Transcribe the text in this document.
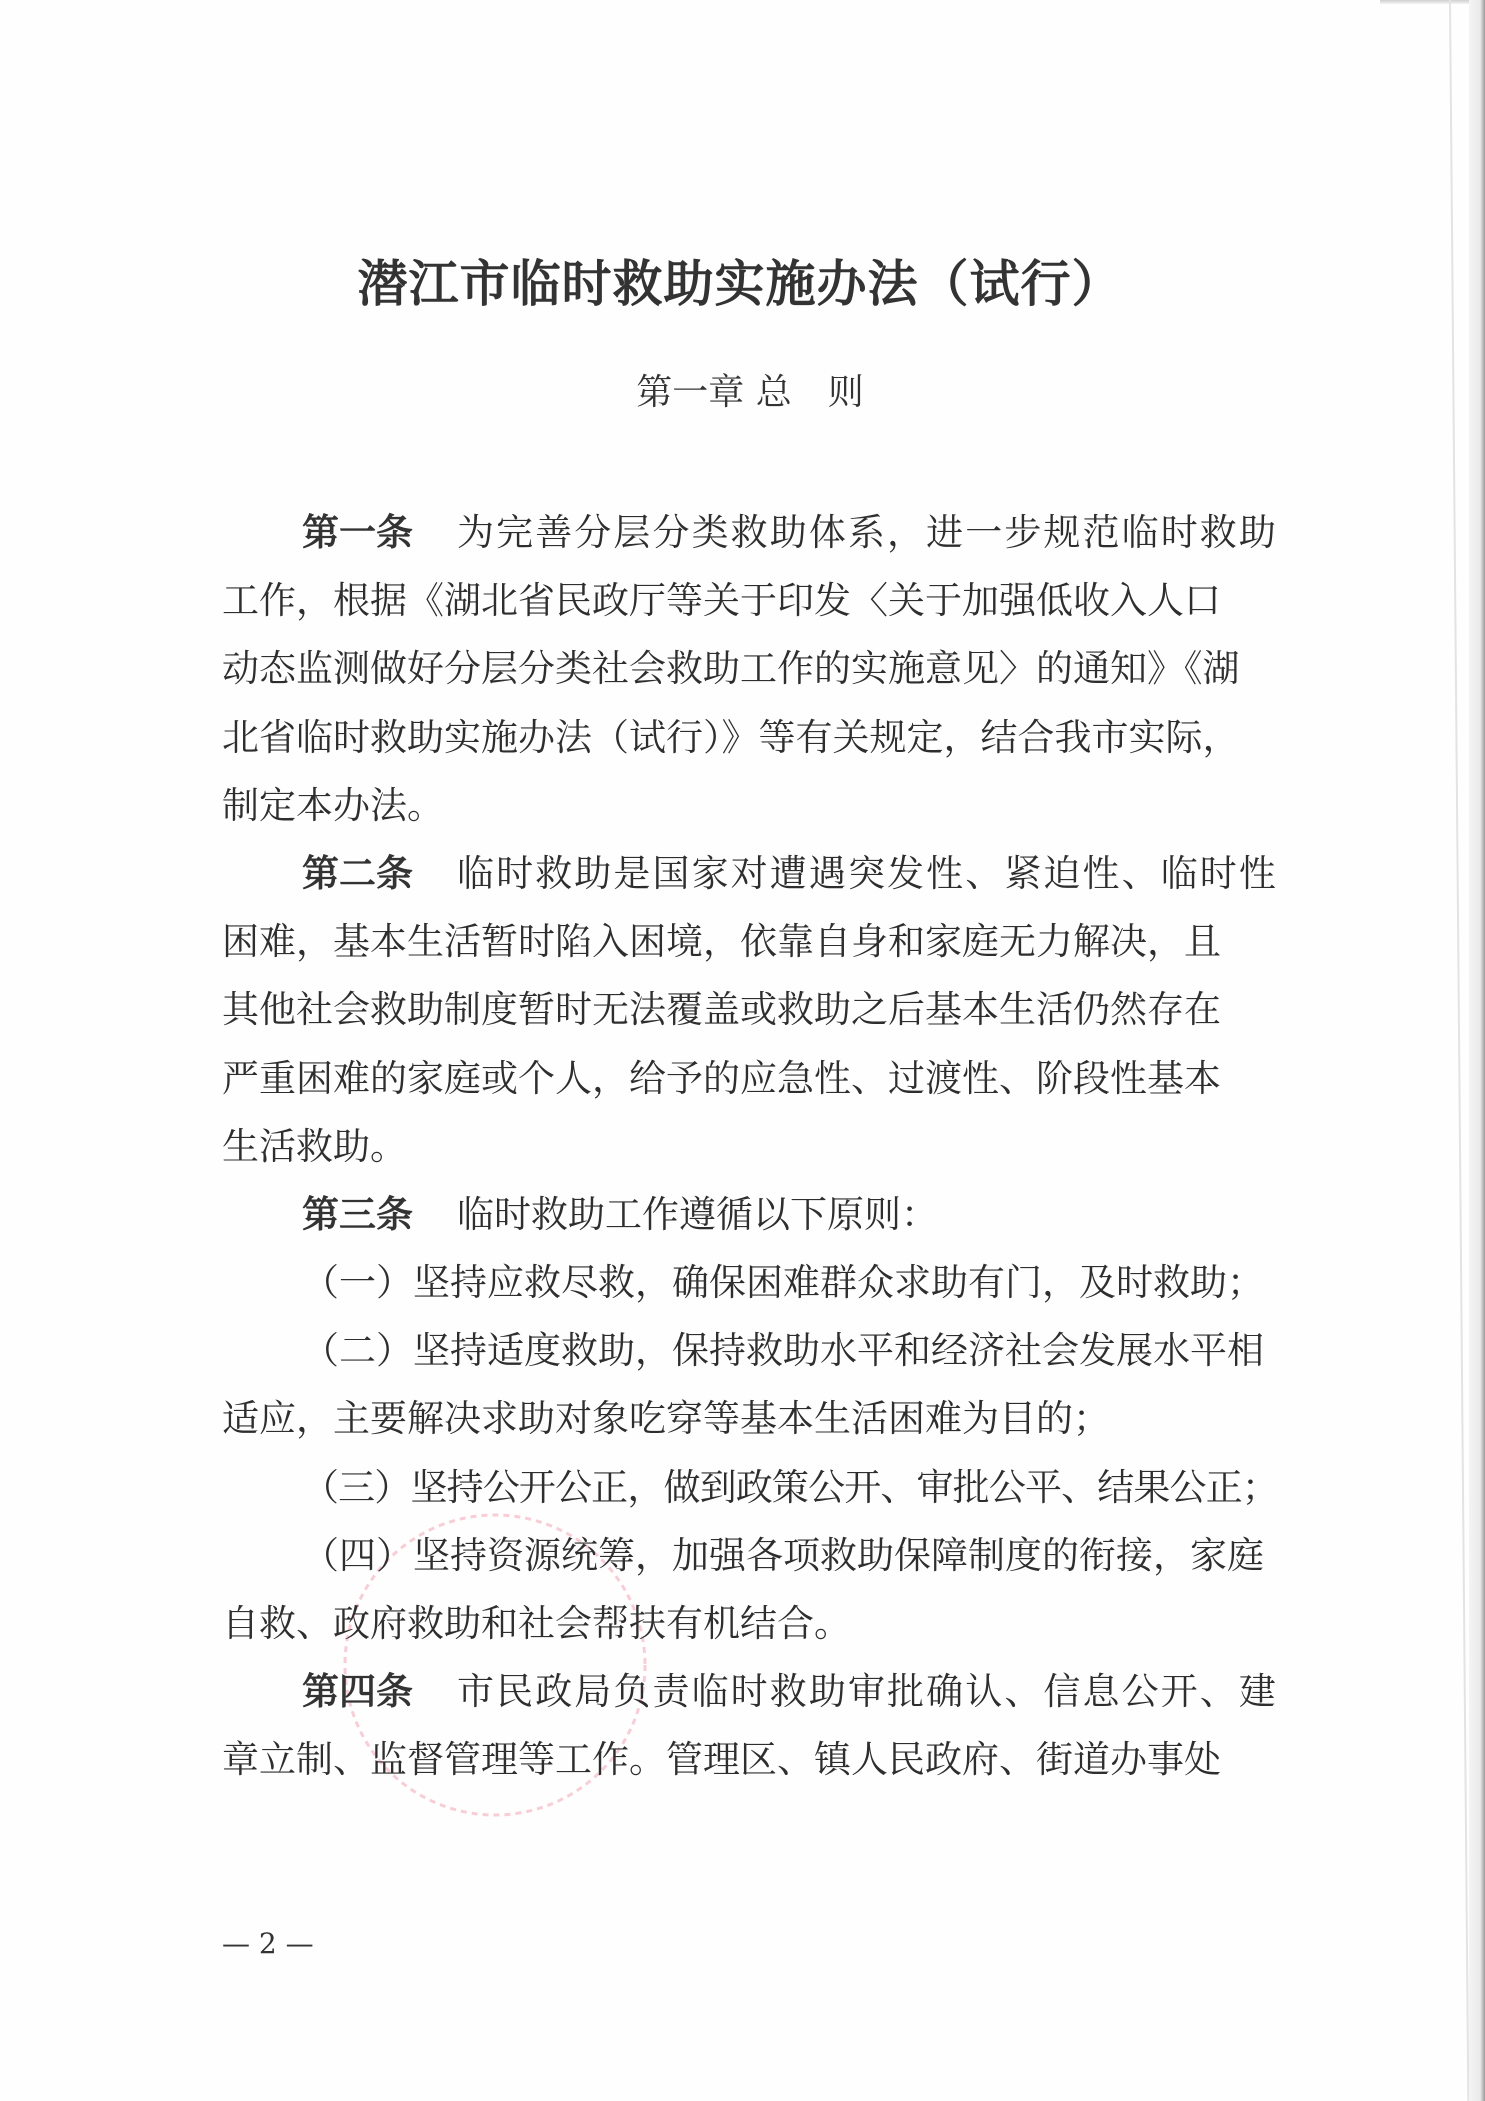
潜江市临时救助实施办法（试行）
第一章 总　则
第一条 为完善分层分类救助体系，进一步规范临时救助
工作，根据《湖北省民政厅等关于印发〈关于加强低收入人口
动态监测做好分层分类社会救助工作的实施意见〉的通知》《湖
北省临时救助实施办法（试行）》等有关规定，结合我市实际，
制定本办法。
第二条 临时救助是国家对遭遇突发性、紧迫性、临时性
困难，基本生活暂时陷入困境，依靠自身和家庭无力解决，且
其他社会救助制度暂时无法覆盖或救助之后基本生活仍然存在
严重困难的家庭或个人，给予的应急性、过渡性、阶段性基本
生活救助。
第三条 临时救助工作遵循以下原则：
（一）坚持应救尽救，确保困难群众求助有门，及时救助；
（二）坚持适度救助，保持救助水平和经济社会发展水平相
适应，主要解决求助对象吃穿等基本生活困难为目的；
（三）坚持公开公正，做到政策公开、审批公平、结果公正；
（四）坚持资源统筹，加强各项救助保障制度的衔接，家庭
自救、政府救助和社会帮扶有机结合。
第四条 市民政局负责临时救助审批确认、信息公开、建
章立制、监督管理等工作。管理区、镇人民政府、街道办事处
— 2 —
